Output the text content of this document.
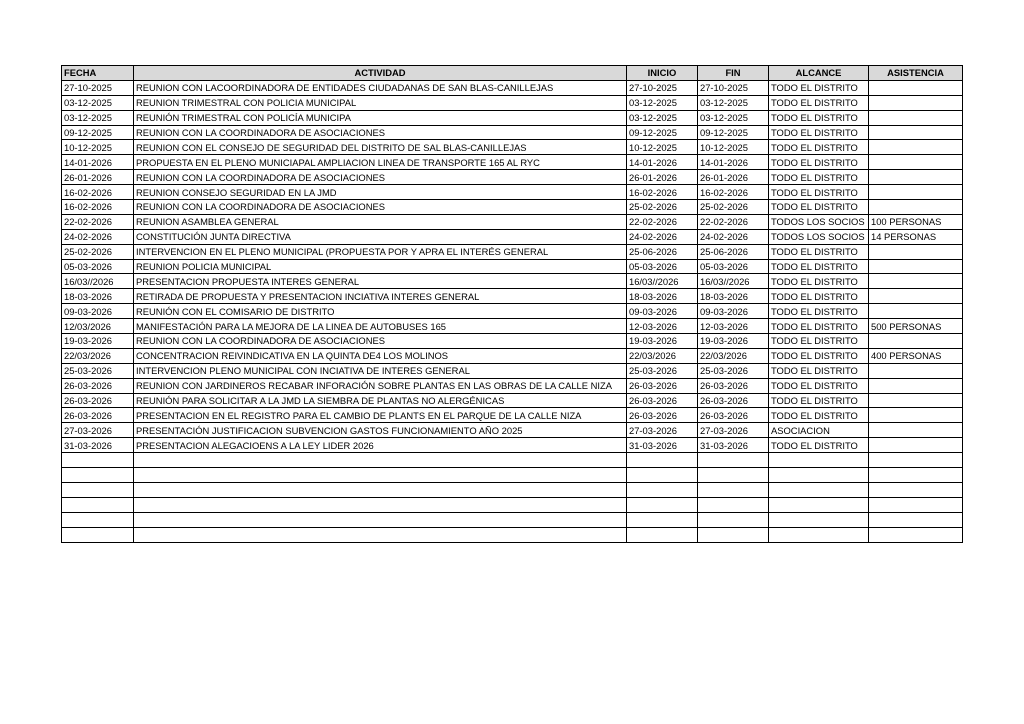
FECHA	ACTIVIDAD	INICIO	FIN	ALCANCE	ASISTENCIA
27-10-2025	REUNION CON LACOORDINADORA DE ENTIDADES CIUDADANAS DE SAN BLAS-CANILLEJAS	27-10-2025	27-10-2025	TODO EL DISTRITO	
03-12-2025	REUNION TRIMESTRAL CON POLICIA MUNICIPAL	03-12-2025	03-12-2025	TODO EL DISTRITO	
03-12-2025	REUNIÓN TRIMESTRAL CON POLICÍA MUNICIPA	03-12-2025	03-12-2025	TODO EL DISTRITO	
09-12-2025	REUNION CON LA COORDINADORA DE ASOCIACIONES	09-12-2025	09-12-2025	TODO EL DISTRITO	
10-12-2025	REUNION CON EL CONSEJO DE SEGURIDAD DEL DISTRITO DE SAL BLAS-CANILLEJAS	10-12-2025	10-12-2025	TODO EL DISTRITO	
14-01-2026	PROPUESTA EN EL PLENO MUNICIAPAL AMPLIACION LINEA DE TRANSPORTE 165 AL RYC	14-01-2026	14-01-2026	TODO EL DISTRITO	
26-01-2026	REUNION CON LA COORDINADORA DE ASOCIACIONES	26-01-2026	26-01-2026	TODO EL DISTRITO	
16-02-2026	REUNION CONSEJO SEGURIDAD EN LA JMD	16-02-2026	16-02-2026	TODO EL DISTRITO	
16-02-2026	REUNION CON LA COORDINADORA DE ASOCIACIONES	25-02-2026	25-02-2026	TODO EL DISTRITO	
22-02-2026	REUNION ASAMBLEA GENERAL	22-02-2026	22-02-2026	TODOS LOS SOCIOS	100 PERSONAS
24-02-2026	CONSTITUCIÓN JUNTA DIRECTIVA	24-02-2026	24-02-2026	TODOS LOS SOCIOS	14 PERSONAS
25-02-2026	INTERVENCION EN EL PLENO MUNICIPAL (PROPUESTA POR Y APRA EL INTERÉS GENERAL	25-06-2026	25-06-2026	TODO EL DISTRITO	
05-03-2026	REUNION POLICIA MUNICIPAL	05-03-2026	05-03-2026	TODO EL DISTRITO	
16/03//2026	PRESENTACION PROPUESTA INTERES GENERAL	16/03//2026	16/03//2026	TODO EL DISTRITO	
18-03-2026	RETIRADA DE PROPUESTA Y PRESENTACION INCIATIVA INTERES GENERAL	18-03-2026	18-03-2026	TODO EL DISTRITO	
09-03-2026	REUNIÓN CON EL COMISARIO DE DISTRITO	09-03-2026	09-03-2026	TODO EL DISTRITO	
12/03/2026	MANIFESTACIÓN PARA LA MEJORA DE LA LINEA DE AUTOBUSES 165	12-03-2026	12-03-2026	TODO EL DISTRITO	500 PERSONAS
19-03-2026	REUNION CON LA COORDINADORA DE ASOCIACIONES	19-03-2026	19-03-2026	TODO EL DISTRITO	
22/03/2026	CONCENTRACION REIVINDICATIVA EN LA QUINTA DE4 LOS MOLINOS	22/03/2026	22/03/2026	TODO EL DISTRITO	400 PERSONAS
25-03-2026	INTERVENCION PLENO MUNICIPAL CON INCIATIVA DE INTERES GENERAL	25-03-2026	25-03-2026	TODO EL DISTRITO	
26-03-2026	REUNION CON JARDINEROS RECABAR INFORACIÓN SOBRE PLANTAS EN LAS OBRAS DE LA CALLE NIZA	26-03-2026	26-03-2026	TODO EL DISTRITO	
26-03-2026	REUNIÓN PARA SOLICITAR A LA JMD LA SIEMBRA DE PLANTAS NO ALERGÉNICAS	26-03-2026	26-03-2026	TODO EL DISTRITO	
26-03-2026	PRESENTACION EN EL REGISTRO PARA EL CAMBIO DE PLANTS EN EL PARQUE DE LA CALLE NIZA	26-03-2026	26-03-2026	TODO EL DISTRITO	
27-03-2026	PRESENTACIÓN JUSTIFICACION SUBVENCION GASTOS FUNCIONAMIENTO AÑO 2025	27-03-2026	27-03-2026	ASOCIACION	
31-03-2026	PRESENTACION ALEGACIOENS A LA LEY LIDER 2026	31-03-2026	31-03-2026	TODO EL DISTRITO	
